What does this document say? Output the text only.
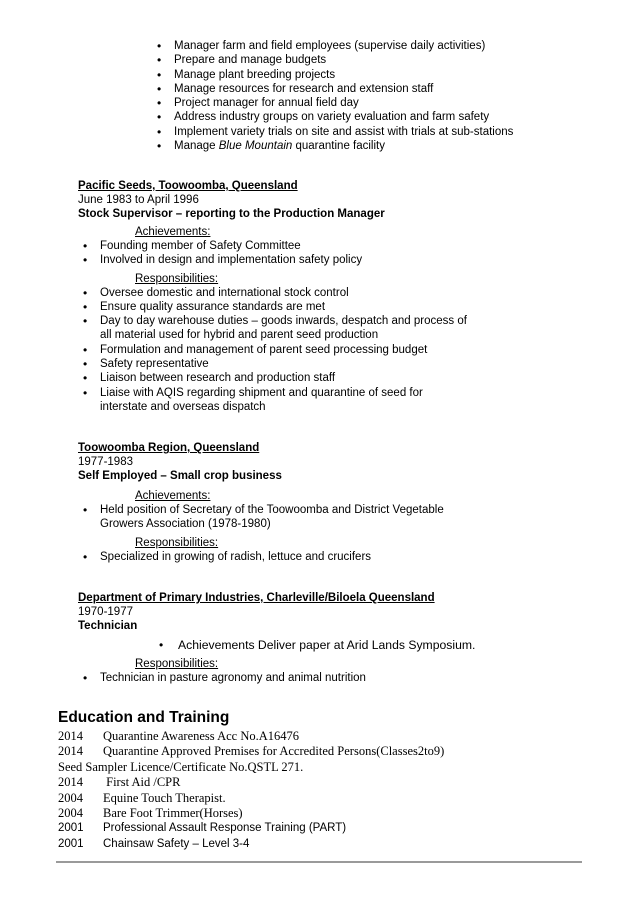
• Manager farm and field employees (supervise daily activities)
• Prepare and manage budgets
• Manage plant breeding projects
• Manage resources for research and extension staff
• Project manager for annual field day
• Address industry groups on variety evaluation and farm safety
• Implement variety trials on site and assist with trials at sub-stations
• Manage Blue Mountain quarantine facility
Pacific Seeds, Toowoomba, Queensland
June 1983 to April 1996
Stock Supervisor – reporting to the Production Manager
Achievements:
• Founding member of Safety Committee
• Involved in design and implementation safety policy
Responsibilities:
• Oversee domestic and international stock control
• Ensure quality assurance standards are met
• Day to day warehouse duties – goods inwards, despatch and process of all material used for hybrid and parent seed production
• Formulation and management of parent seed processing budget
• Safety representative
• Liaison between research and production staff
• Liaise with AQIS regarding shipment and quarantine of seed for interstate and overseas dispatch
Toowoomba Region, Queensland
1977-1983
Self Employed – Small crop business
Achievements:
• Held position of Secretary of the Toowoomba and District Vegetable Growers Association (1978-1980)
Responsibilities:
• Specialized in growing of radish, lettuce and crucifers
Department of Primary Industries, Charleville/Biloela Queensland
1970-1977
Technician
• Achievements Deliver paper at Arid Lands Symposium.
Responsibilities:
• Technician in pasture agronomy and animal nutrition
Education and Training
2014 Quarantine Awareness Acc No.A16476
2014 Quarantine Approved Premises for Accredited Persons(Classes2to9)
Seed Sampler Licence/Certificate No.QSTL 271.
2014 First Aid /CPR
2004 Equine Touch Therapist.
2004 Bare Foot Trimmer(Horses)
2001 Professional Assault Response Training (PART)
2001 Chainsaw Safety – Level 3-4
